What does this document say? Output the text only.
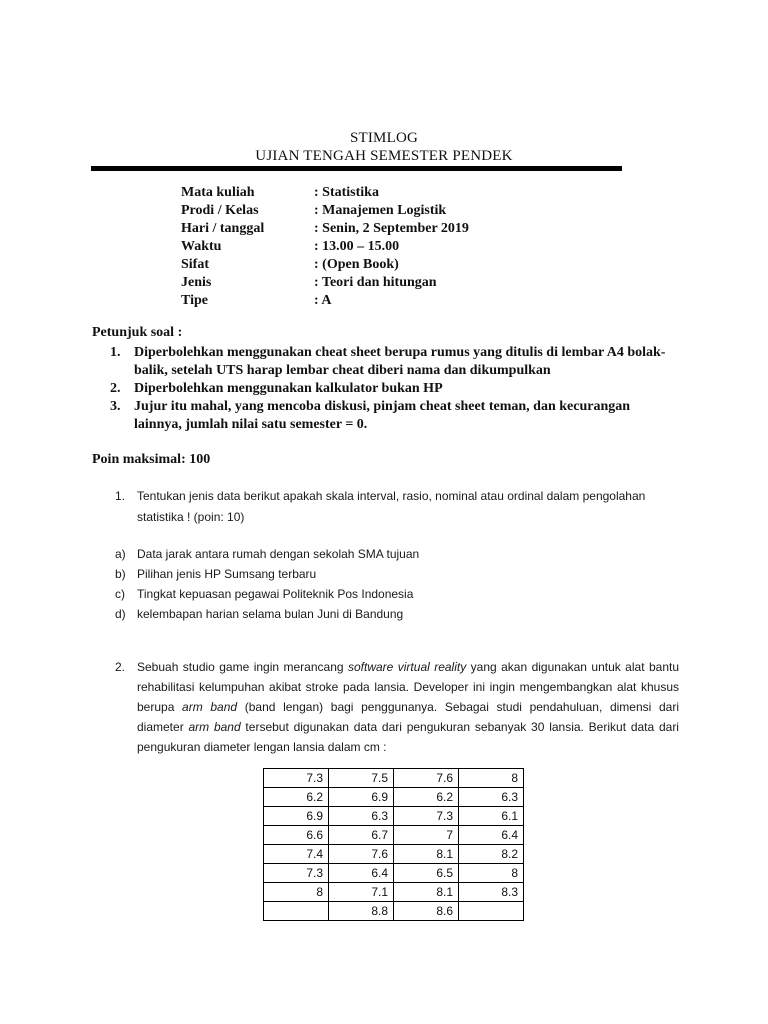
STIMLOG
UJIAN TENGAH SEMESTER PENDEK
Mata kuliah	: Statistika
Prodi / Kelas	: Manajemen Logistik
Hari / tanggal	: Senin, 2 September 2019
Waktu	: 13.00 – 15.00
Sifat	: (Open Book)
Jenis	: Teori dan hitungan
Tipe	: A
Petunjuk soal :
1. Diperbolehkan menggunakan cheat sheet berupa rumus yang ditulis di lembar A4 bolak-balik, setelah UTS harap lembar cheat diberi nama dan dikumpulkan
2. Diperbolehkan menggunakan kalkulator bukan HP
3. Jujur itu mahal, yang mencoba diskusi, pinjam cheat sheet teman, dan kecurangan lainnya, jumlah nilai satu semester = 0.
Poin maksimal: 100
1. Tentukan jenis data berikut apakah skala interval, rasio, nominal atau ordinal dalam pengolahan statistika ! (poin: 10)
a) Data jarak antara rumah dengan sekolah SMA tujuan
b) Pilihan jenis HP Sumsang terbaru
c) Tingkat kepuasan pegawai Politeknik Pos Indonesia
d) kelembapan harian selama bulan Juni di Bandung
2. Sebuah studio game ingin merancang software virtual reality yang akan digunakan untuk alat bantu rehabilitasi kelumpuhan akibat stroke pada lansia. Developer ini ingin mengembangkan alat khusus berupa arm band (band lengan) bagi penggunanya. Sebagai studi pendahuluan, dimensi dari diameter arm band tersebut digunakan data dari pengukuran sebanyak 30 lansia. Berikut data dari pengukuran diameter lengan lansia dalam cm :
7.3	7.5	7.6	8
6.2	6.9	6.2	6.3
6.9	6.3	7.3	6.1
6.6	6.7	7	6.4
7.4	7.6	8.1	8.2
7.3	6.4	6.5	8
8	7.1	8.1	8.3
	8.8	8.6	
